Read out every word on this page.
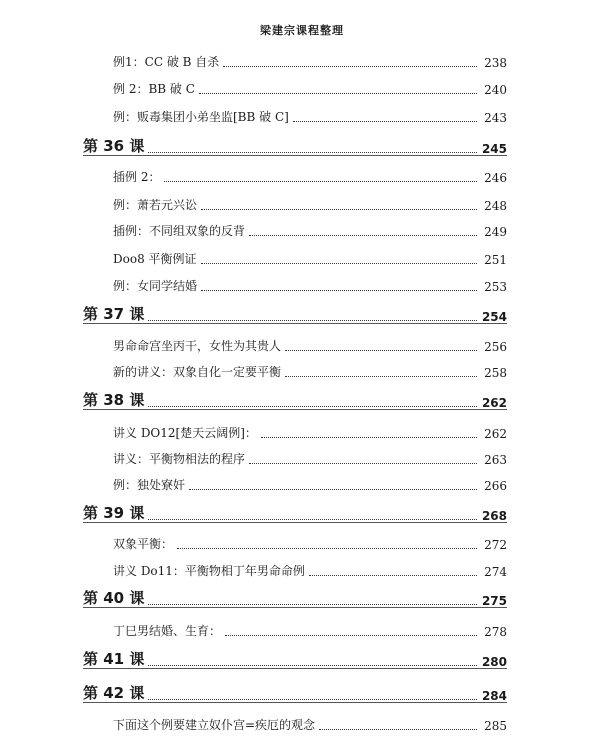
梁建宗课程整理
例1：CC 破 B 自杀	238
例 2：BB 破 C	240
例：贩毒集团小弟坐监[BB 破 C]	243
第 36 课	245
插例 2：	246
例：萧若元兴讼	248
插例：不同组双象的反背	249
Doo8 平衡例证	251
例：女同学结婚	253
第 37 课	254
男命命宫坐丙干，女性为其贵人	256
新的讲义：双象自化一定要平衡	258
第 38 课	262
讲义 DO12[楚天云阔例]：	262
讲义：平衡物相法的程序	263
例：独处寮奸	266
第 39 课	268
双象平衡：	272
讲义 Do11：平衡物相丁年男命命例	274
第 40 课	275
丁巳男结婚、生育：	278
第 41 课	280
第 42 课	284
下面这个例要建立奴仆宫=疾厄的观念	285
